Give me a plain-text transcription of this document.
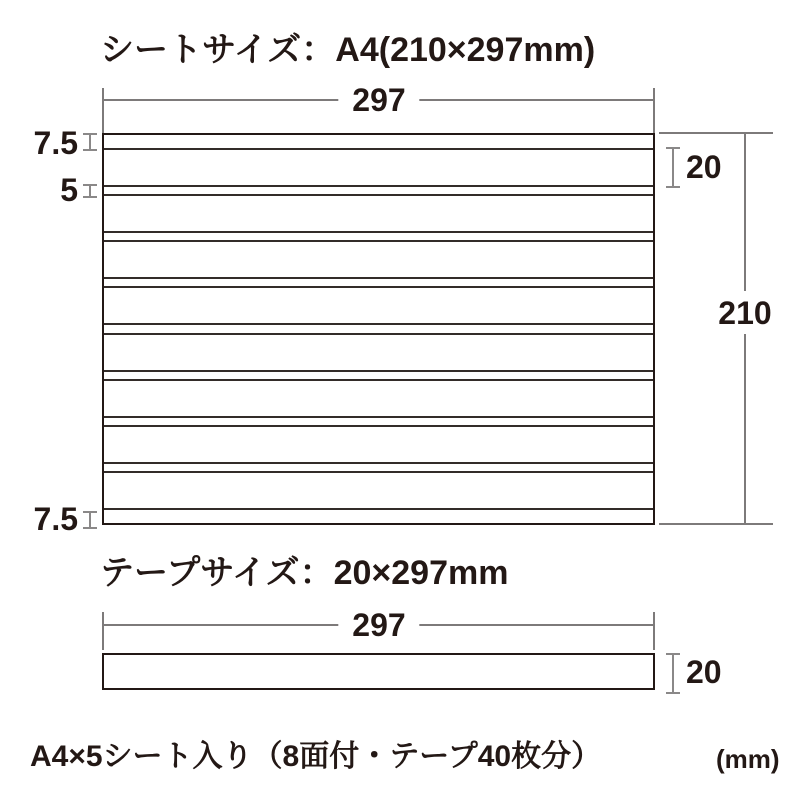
シートサイズ：A4(210×297mm)
297
7.5
5
7.5
20
210
テープサイズ：20×297mm
297
20
A4×5シート入り（8面付・テープ40枚分）	(mm)
